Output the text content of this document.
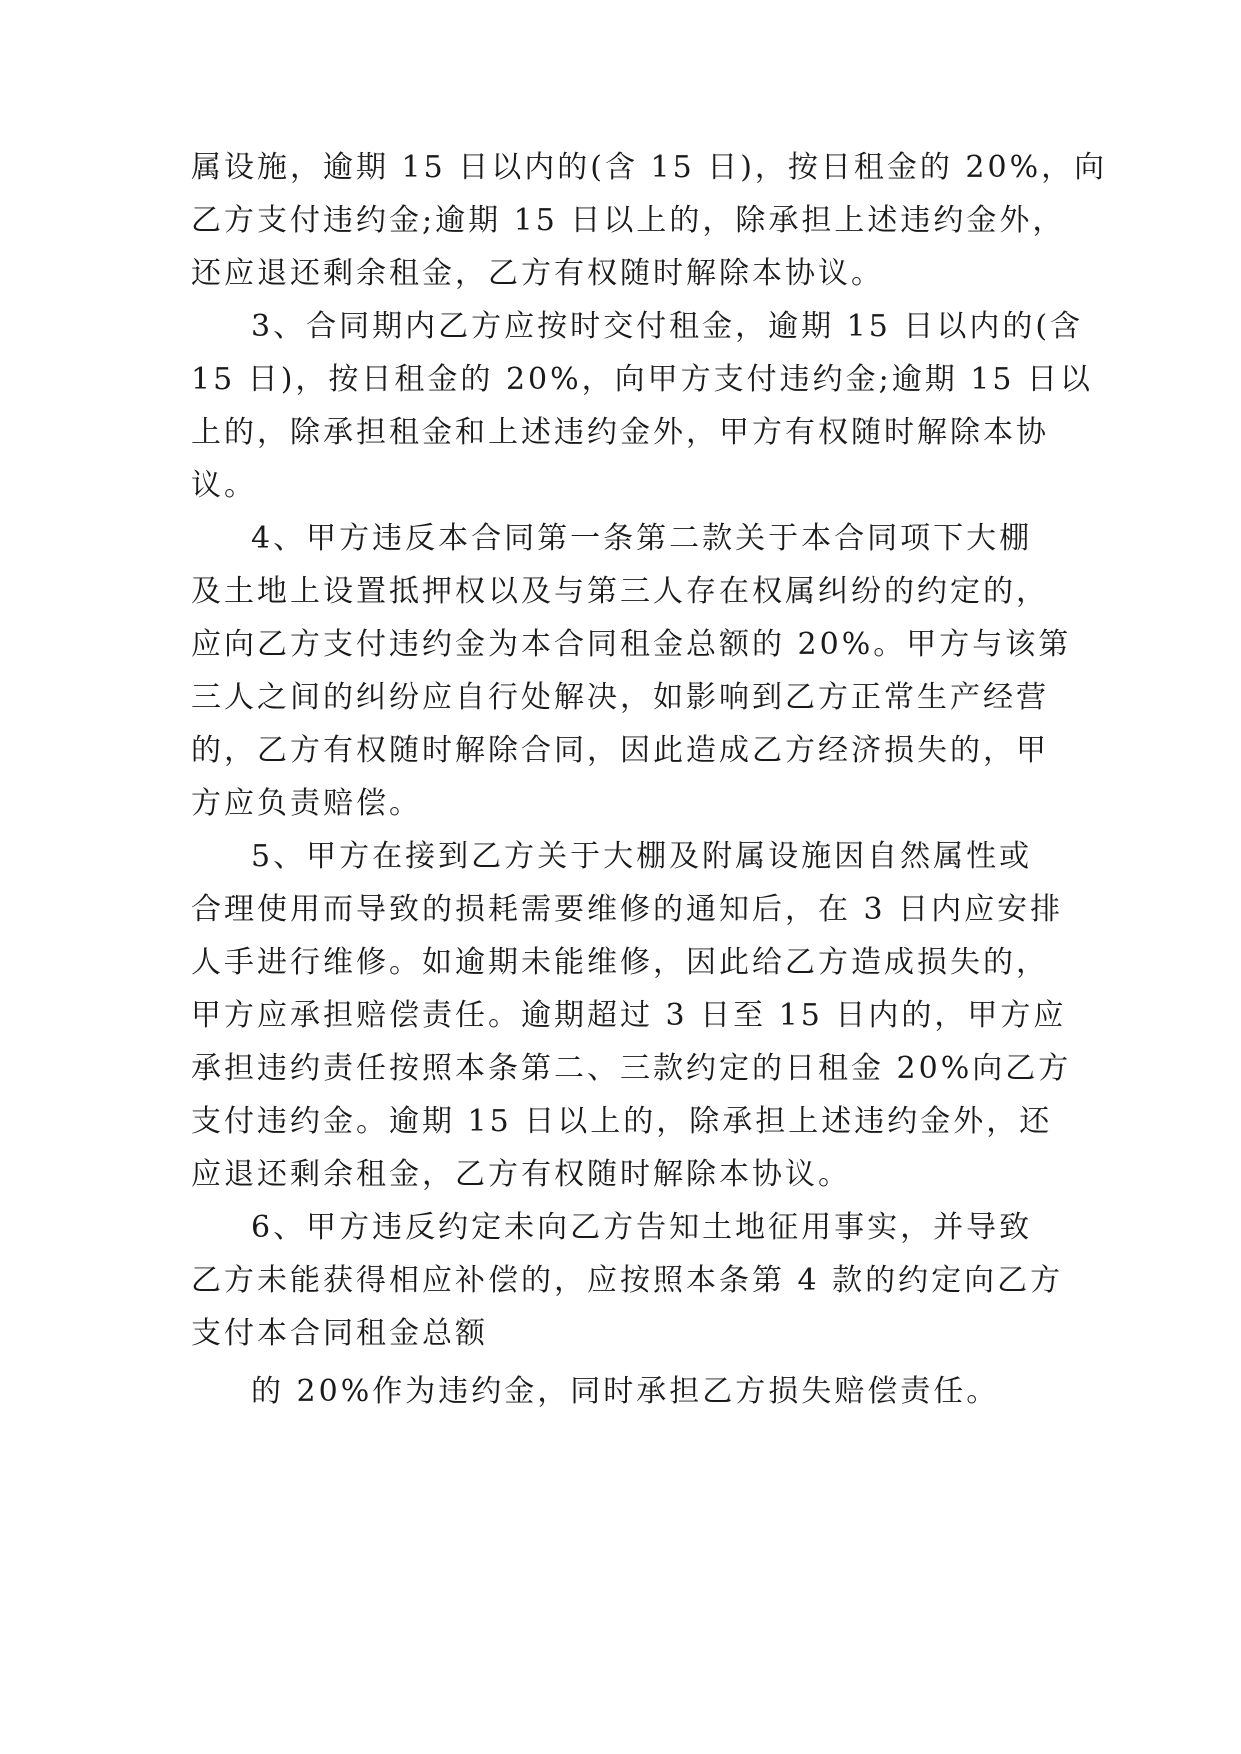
属设施，逾期 15 日以内的(含 15 日)，按日租金的 20%，向
乙方支付违约金;逾期 15 日以上的，除承担上述违约金外，
还应退还剩余租金，乙方有权随时解除本协议。
3、合同期内乙方应按时交付租金，逾期 15 日以内的(含
15 日)，按日租金的 20%，向甲方支付违约金;逾期 15 日以
上的，除承担租金和上述违约金外，甲方有权随时解除本协
议。
4、甲方违反本合同第一条第二款关于本合同项下大棚
及土地上设置抵押权以及与第三人存在权属纠纷的约定的，
应向乙方支付违约金为本合同租金总额的 20%。甲方与该第
三人之间的纠纷应自行处解决，如影响到乙方正常生产经营
的，乙方有权随时解除合同，因此造成乙方经济损失的，甲
方应负责赔偿。
5、甲方在接到乙方关于大棚及附属设施因自然属性或
合理使用而导致的损耗需要维修的通知后，在 3 日内应安排
人手进行维修。如逾期未能维修，因此给乙方造成损失的，
甲方应承担赔偿责任。逾期超过 3 日至 15 日内的，甲方应
承担违约责任按照本条第二、三款约定的日租金 20%向乙方
支付违约金。逾期 15 日以上的，除承担上述违约金外，还
应退还剩余租金，乙方有权随时解除本协议。
6、甲方违反约定未向乙方告知土地征用事实，并导致
乙方未能获得相应补偿的，应按照本条第 4 款的约定向乙方
支付本合同租金总额
的 20%作为违约金，同时承担乙方损失赔偿责任。
